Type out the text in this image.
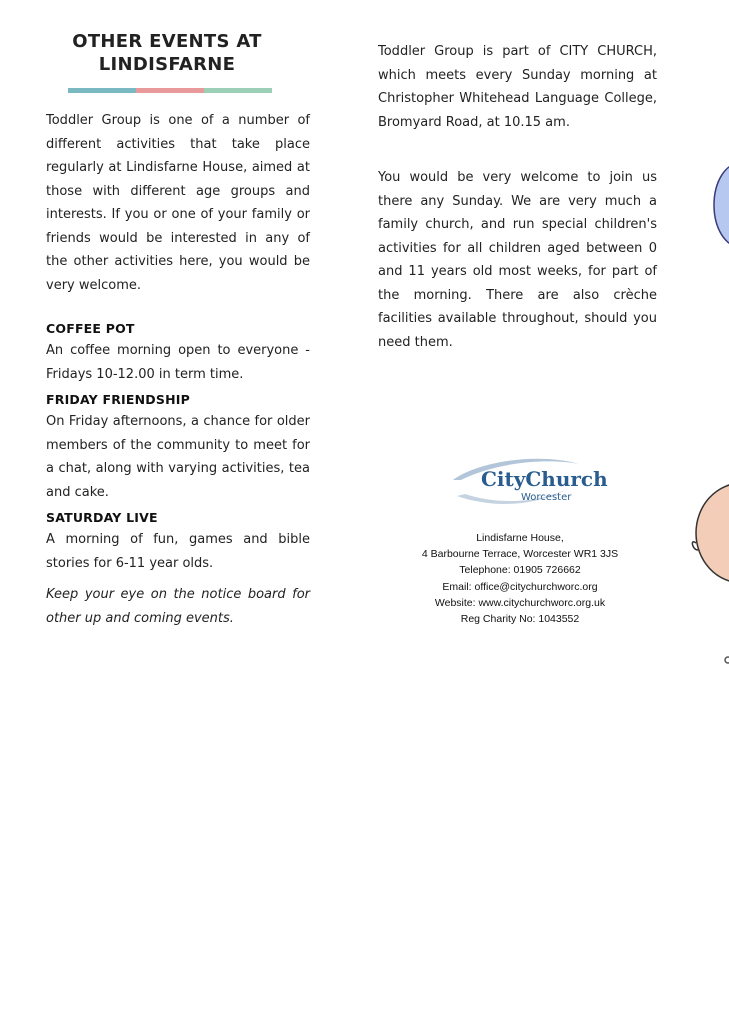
OTHER EVENTS AT LINDISFARNE

Toddler Group is one of a number of different activities that take place regularly at Lindisfarne House, aimed at those with different age groups and interests. If you or one of your family or friends would be interested in any of the other activities here, you would be very welcome.

COFFEE POT

An coffee morning open to everyone - Fridays 10-12.00 in term time.

FRIDAY FRIENDSHIP

On Friday afternoons, a chance for older members of the community to meet for a chat, along with varying activities, tea and cake.

SATURDAY LIVE

A morning of fun, games and bible stories for 6-11 year olds.

Keep your eye on the notice board for other up and coming events.

Toddler Group is part of CITY CHURCH, which meets every Sunday morning at Christopher Whitehead Language College, Bromyard Road, at 10.15 am.

You would be very welcome to join us there any Sunday. We are very much a family church, and run special children's activities for all children aged between 0 and 11 years old most weeks, for part of the morning. There are also crèche facilities available throughout, should you need them.

CityChurch
Worcester
Lindisfarne House,
4 Barbourne Terrace, Worcester WR1 3JS
Telephone: 01905 726662
Email: office@citychurchworc.org
Website: www.citychurchworc.org.uk
Reg Charity No: 1043552
